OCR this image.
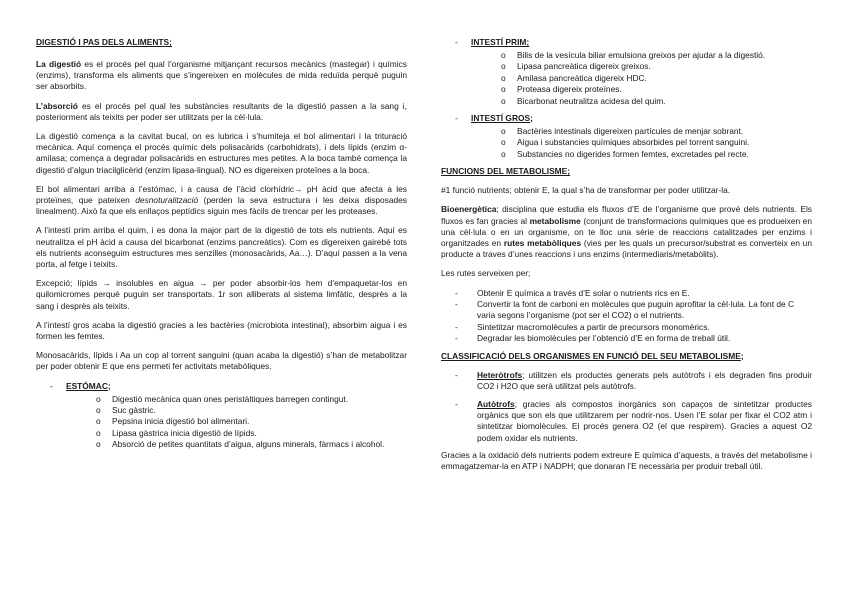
DIGESTIÓ I PAS DELS ALIMENTS;

La digestió es el procés pel qual l’organisme mitjançant recursos mecànics (mastegar) i químics (enzims), transforma els aliments que s’ingereixen en molècules de mida reduïda perquè puguin ser absorbits.

L’absorció es el procés pel qual les substàncies resultants de la digestió passen a la sang i, posteriorment als teixits per poder ser utilitzats per la cèl·lula.

La digestió comença a la cavitat bucal, on es lubrica i s’humiteja el bol alimentari i la trituració mecànica. Aquí comença el procés químic dels polisacàrids (carbohidrats), i dels lípids (enzim α-amilasa; comença a degradar polisacàrids en estructures mes petites. A la boca també comença la digestió d’algun triacilglicèrid (enzim lipasa-lingual). NO es digereixen proteïnes a la boca.

El bol alimentari arriba a l’estómac, i a causa de l’àcid clorhídric→ pH àcid que afecta a les proteïnes, que pateixen desnoturalització (perden la seva estructura i les deixa disposades linealment). Això fa que els enllaços peptídics siguin mes fàcils de trencar per les proteases.

A l’intestí prim arriba el quim, i es dona la major part de la digestió de tots els nutrients. Aquí es neutralitza el pH àcid a causa del bicarbonat (enzims pancreàtics). Com es digereixen gairebé tots els nutrients aconseguim estructures mes senzilles (monosacàrids, Aa…). D’aquí passen a la vena porta, al fetge i teixits.

Excepció; lípids → insolubles en aigua → per poder absorbir-los hem d’empaquetar-los en quilomicromes perquè puguin ser transportats. 1r son alliberats al sistema limfàtic, desprès a la sang i desprès als teixits.

A l’intestí gros acaba la digestió gracies a les bactèries (microbiota intestinal), absorbim aigua i es formen les femtes.

Monosacàrids, lípids i Aa un cop al torrent sanguini (quan acaba la digestió) s’han de metabolitzar per poder obtenir E que ens permeti fer activitats metabòliques.

-	ESTÓMAC;
o Digestió mecànica quan ones peristàltiques barregen contingut.
o Suc gàstric.
o Pepsina inicia digestió bol alimentari.
o Lipasa gàstrica inicia digestió de lípids.
o Absorció de petites quantitats d’aigua, alguns minerals, fàrmacs i alcohol.
-	INTESTÍ PRIM;
o Bilis de la vesícula biliar emulsiona greixos per ajudar a la digestió.
o Lipasa pancreàtica digereix greixos.
o Amilasa pancreàtica digereix HDC.
o Proteasa digereix proteïnes.
o Bicarbonat neutralitza acidesa del quim.
-	INTESTÍ GROS;
o Bactèries intestinals digereixen partícules de menjar sobrant.
o Aigua i substancies químiques absorbides pel torrent sanguini.
o Substancies no digerides formen femtes, excretades pel recte.
FUNCIONS DEL METABOLISME;

#1 funció nutrients; obtenir E, la qual s’ha de transformar per poder utilitzar-la.

Bioenergètica; disciplina que estudia els fluxos d’E de l’organisme que prové dels nutrients. Els fluxos es fan gracies al metabolisme (conjunt de transformacions químiques que es produeixen en una cèl·lula o en un organisme, on te lloc una sèrie de reaccions catalitzades per enzims i organitzades en rutes metabòliques (vies per les quals un precursor/substrat es converteix en un producte a traves d’unes reaccions i uns enzims (intermediaris/metabòlits).

Les rutes serveixen per;

- Obtenir E química a través d’E solar o nutrients rics en E.
- Convertir la font de carboni en molècules que puguin aprofitar la cèl·lula. La font de C varia segons l’organisme (pot ser el CO2) o el nutrients.
- Sintetitzar macromolècules a partir de precursors monomèrics.
- Degradar les biomolècules per l’obtenció d’E en forma de treball útil.
CLASSIFICACIÓ DELS ORGANISMES EN FUNCIÓ DEL SEU METABOLISME;
- Heteròtrofs; utilitzen els productes generats pels autòtrofs i els degraden fins produir CO2 i H2O que serà utilitzat pels autòtrofs.
- Autòtrofs; gracies als compostos inorgànics son capaços de sintetitzar productes orgànics que son els que utilitzarem per nodrir-nos. Usen l’E solar per fixar el CO2 atm i sintetitzar biomolècules. El procés genera O2 (el que respirem). Gracies a aquest O2 podem oxidar els nutrients.

Gracies a la oxidació dels nutrients podem extreure E química d’aquests, a través del metabolisme i emmagatzemar-la en ATP i NADPH; que donaran l’E necessària per produir treball útil.
